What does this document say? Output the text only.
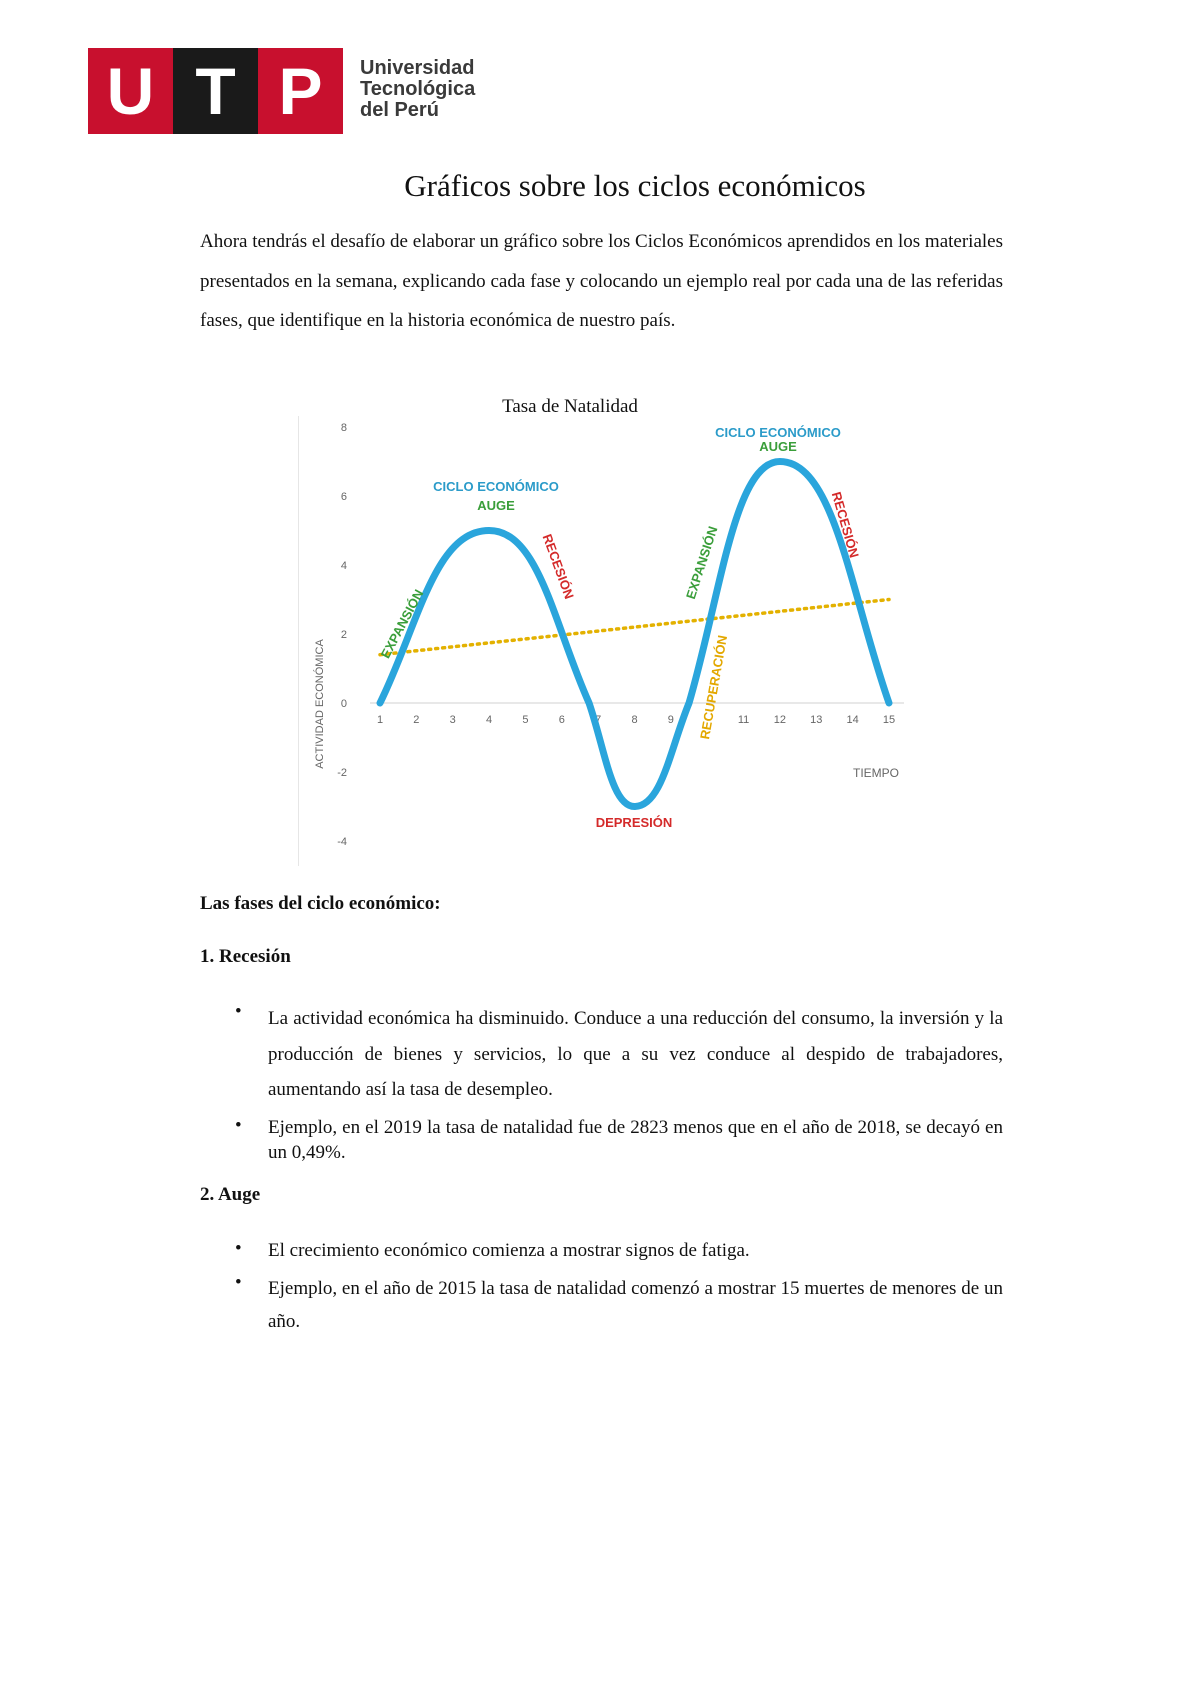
U T P	Universidad
Tecnológica
del Perú
Gráficos sobre los ciclos económicos
Ahora tendrás el desafío de elaborar un gráfico sobre los Ciclos Económicos aprendidos en los materiales presentados en la semana, explicando cada fase y colocando un ejemplo real por cada una de las referidas fases, que identifique en la historia económica de nuestro país.
Tasa de Natalidad
8
6
4
2
0
-2
-4
1	2	3	4	5	6	7	8	9	11 12 13 14 15
ACTIVIDAD ECONÓMICA
TIEMPO
CICLO ECONÓMICO
AUGE
EXPANSIÓN
RECESIÓN
DEPRESIÓN
EXPANSIÓN
RECUPERACIÓN
CICLO ECONÓMICO
AUGE
RECESIÓN
Las fases del ciclo económico:
1. Recesión
• La actividad económica ha disminuido. Conduce a una reducción del consumo, la inversión y la producción de bienes y servicios, lo que a su vez conduce al despido de trabajadores, aumentando así la tasa de desempleo.
• Ejemplo, en el 2019 la tasa de natalidad fue de 2823 menos que en el año de 2018, se decayó en un 0,49%.
2. Auge
• El crecimiento económico comienza a mostrar signos de fatiga.
• Ejemplo, en el año de 2015 la tasa de natalidad comenzó a mostrar 15 muertes de menores de un año.
